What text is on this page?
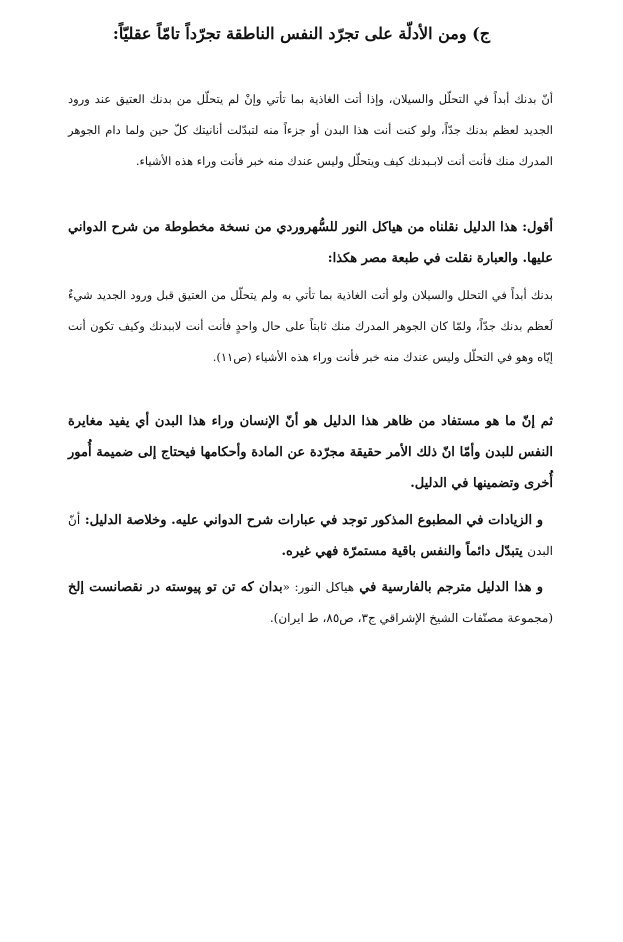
ج) ومن الأدلّة على تجرّد النفس الناطقة تجرّداً تامّاً عقليّاً:

أنّ بدنك أبداً في التحلّل والسيلان، وإذا أتت الغاذية بما تأتي وإنْ لم يتحلّل من بدنك العتيق عند ورود الجديد لعظم بدنك جدّاً، ولو كنت أنت هذا البدن أو جزءاً منه لتبدّلت أنانيتك كلّ حين ولما دام الجوهر المدرك منك فأنت أنت لابـبدنك كيف ويتحلّل وليس عندك منه خبر فأنت وراء هذه الأشياء.

أقول: هذا الدليل نقلناه من هياكل النور للسُّهروردي من نسخة مخطوطة من شرح الدواني عليها. والعبارة نقلت في طبعة مصر هكذا:

بدنك أبداً في التحلل والسيلان ولو أتت الغاذية بما تأتي به ولم يتحلّل من العتيق قبل ورود الجديد شيءٌ لَعظم بدنك جدّاً، ولمّا كان الجوهر المدرك منك ثابتاً على حال واحدٍ فأنت أنت لاببدنك وكيف تكون أنت إيّاه وهو في التحلّل وليس عندك منه خبر فأنت وراء هذه الأشياء (ص١١).

ثم إنّ ما هو مستفاد من ظاهر هذا الدليل هو أنّ الإنسان وراء هذا البدن أي يفيد مغايرة النفس للبدن وأمّا انّ ذلك الأمر حقيقة مجرّدة عن المادة وأحكامها فيحتاج إلى ضميمة أُمور أُخرى وتضمينها في الدليل.

و الزيادات في المطبوع المذكور توجد في عبارات شرح الدواني عليه. وخلاصة الدليل: أنّ البدن يتبدّل دائماً والنفس باقية مستمرّة فهي غيره.

و هذا الدليل مترجم بالفارسية في هياكل النور: «بدان كه تن تو پيوسته در نقصانست إلخ (مجموعة مصنّفات الشيخ الإشراقي ج٣، ص٨٥، ط ايران).
